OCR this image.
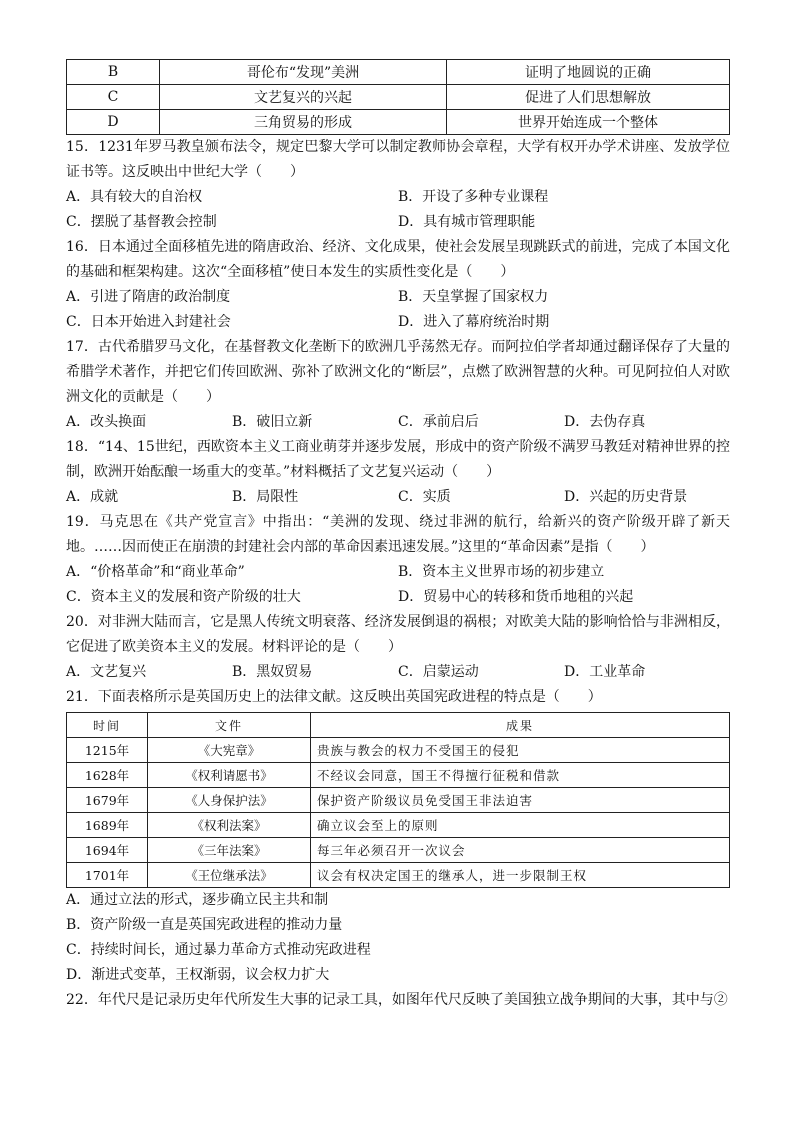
B	哥伦布“发现”美洲	证明了地圆说的正确
C	文艺复兴的兴起	促进了人们思想解放
D	三角贸易的形成	世界开始连成一个整体

15．1231年罗马教皇颁布法令，规定巴黎大学可以制定教师协会章程，大学有权开办学术讲座、发放学位证书等。这反映出中世纪大学（　　）

A．具有较大的自治权	B．开设了多种专业课程
C．摆脱了基督教会控制	D．具有城市管理职能

16．日本通过全面移植先进的隋唐政治、经济、文化成果，使社会发展呈现跳跃式的前进，完成了本国文化的基础和框架构建。这次“全面移植”使日本发生的实质性变化是（　　）

A．引进了隋唐的政治制度	B．天皇掌握了国家权力
C．日本开始进入封建社会	D．进入了幕府统治时期

17．古代希腊罗马文化，在基督教文化垄断下的欧洲几乎荡然无存。而阿拉伯学者却通过翻译保存了大量的希腊学术著作，并把它们传回欧洲、弥补了欧洲文化的“断层”，点燃了欧洲智慧的火种。可见阿拉伯人对欧洲文化的贡献是（　　）

A．改头换面	B．破旧立新	C．承前启后	D．去伪存真

18．“14、15世纪，西欧资本主义工商业萌芽并逐步发展，形成中的资产阶级不满罗马教廷对精神世界的控制，欧洲开始酝酿一场重大的变革。”材料概括了文艺复兴运动（　　）

A．成就	B．局限性	C．实质	D．兴起的历史背景

19．马克思在《共产党宣言》中指出：“美洲的发现、绕过非洲的航行，给新兴的资产阶级开辟了新天地。……因而使正在崩溃的封建社会内部的革命因素迅速发展。”这里的“革命因素”是指（　　）

A．“价格革命”和“商业革命”	B．资本主义世界市场的初步建立
C．资本主义的发展和资产阶级的壮大	D．贸易中心的转移和货币地租的兴起

20．对非洲大陆而言，它是黑人传统文明衰落、经济发展倒退的祸根；对欧美大陆的影响恰恰与非洲相反，它促进了欧美资本主义的发展。材料评论的是（　　）

A．文艺复兴	B．黑奴贸易	C．启蒙运动	D．工业革命

21．下面表格所示是英国历史上的法律文献。这反映出英国宪政进程的特点是（　　）

时间	文件	成果
1215年	《大宪章》	贵族与教会的权力不受国王的侵犯
1628年	《权利请愿书》	不经议会同意，国王不得擅行征税和借款
1679年	《人身保护法》	保护资产阶级议员免受国王非法迫害
1689年	《权利法案》	确立议会至上的原则
1694年	《三年法案》	每三年必须召开一次议会
1701年	《王位继承法》	议会有权决定国王的继承人，进一步限制王权
A．通过立法的形式，逐步确立民主共和制
B．资产阶级一直是英国宪政进程的推动力量
C．持续时间长，通过暴力革命方式推动宪政进程
D．渐进式变革，王权渐弱，议会权力扩大

22．年代尺是记录历史年代所发生大事的记录工具，如图年代尺反映了美国独立战争期间的大事，其中与②
